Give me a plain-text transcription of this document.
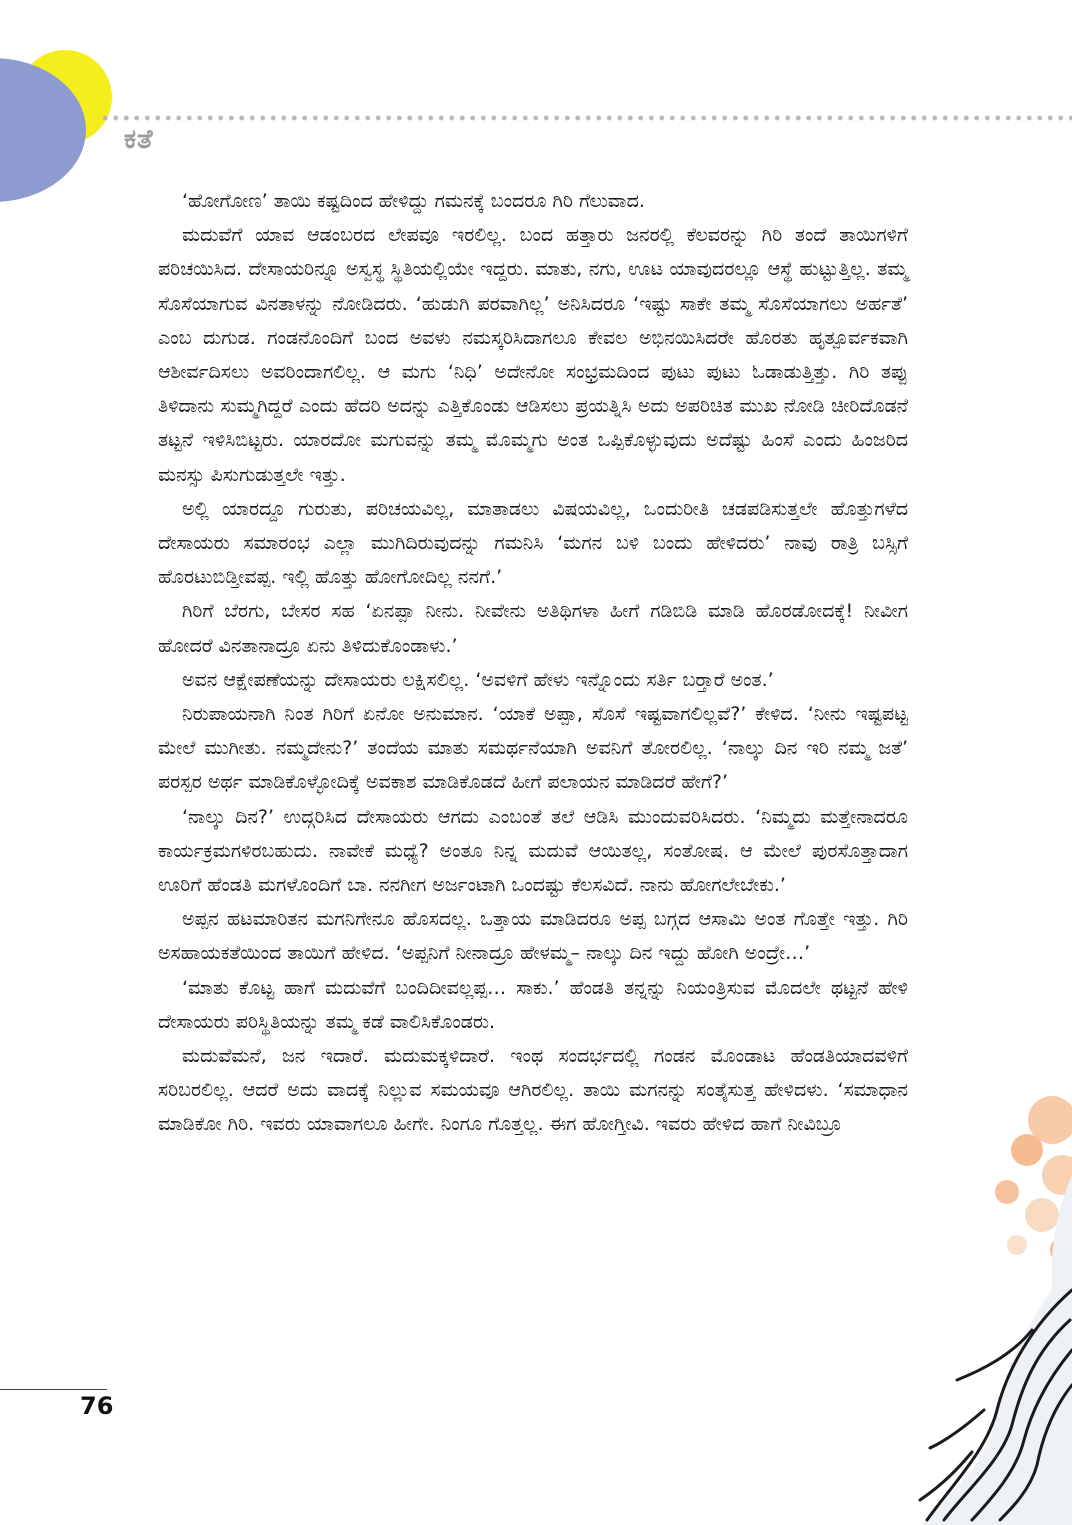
ಕತೆ

‘ಹೋಗೋಣ’ ತಾಯಿ ಕಷ್ಟದಿಂದ ಹೇಳಿದ್ದು ಗಮನಕ್ಕೆ ಬಂದರೂ ಗಿರಿ ಗೆಲುವಾದ.

ಮದುವೆಗೆ ಯಾವ ಆಡಂಬರದ ಲೇಪವೂ ಇರಲಿಲ್ಲ. ಬಂದ ಹತ್ತಾರು ಜನರಲ್ಲಿ ಕೆಲವರನ್ನು ಗಿರಿ ತಂದೆ ತಾಯಿಗಳಿಗೆ ಪರಿಚಯಿಸಿದ. ದೇಸಾಯರಿನ್ನೂ ಅಸ್ವಸ್ಥ ಸ್ಥಿತಿಯಲ್ಲಿಯೇ ಇದ್ದರು. ಮಾತು, ನಗು, ಊಟ ಯಾವುದರಲ್ಲೂ ಆಸ್ಥೆ ಹುಟ್ಟುತ್ತಿಲ್ಲ. ತಮ್ಮ ಸೊಸೆಯಾಗುವ ವಿನತಾಳನ್ನು ನೋಡಿದರು. ‘ಹುಡುಗಿ ಪರವಾಗಿಲ್ಲ’ ಅನಿಸಿದರೂ ‘ಇಷ್ಟು ಸಾಕೇ ತಮ್ಮ ಸೊಸೆಯಾಗಲು ಅರ್ಹತೆ’ ಎಂಬ ದುಗುಡ. ಗಂಡನೊಂದಿಗೆ ಬಂದ ಅವಳು ನಮಸ್ಕರಿಸಿದಾಗಲೂ ಕೇವಲ ಅಭಿನಯಿಸಿದರೇ ಹೊರತು ಹೃತ್ಪೂರ್ವಕವಾಗಿ ಆಶೀರ್ವದಿಸಲು ಅವರಿಂದಾಗಲಿಲ್ಲ. ಆ ಮಗು ‘ನಿಧಿ’ ಅದೇನೋ ಸಂಭ್ರಮದಿಂದ ಪುಟು ಪುಟು ಓಡಾಡುತ್ತಿತ್ತು. ಗಿರಿ ತಪ್ಪು ತಿಳಿದಾನು ಸುಮ್ಮಗಿದ್ದರೆ ಎಂದು ಹೆದರಿ ಅದನ್ನು ಎತ್ತಿಕೊಂಡು ಆಡಿಸಲು ಪ್ರಯತ್ನಿಸಿ ಅದು ಅಪರಿಚಿತ ಮುಖ ನೋಡಿ ಚೀರಿದೊಡನೆ ತಟ್ಟನೆ ಇಳಿಸಿಬಿಟ್ಟರು. ಯಾರದೋ ಮಗುವನ್ನು ತಮ್ಮ ಮೊಮ್ಮಗು ಅಂತ ಒಪ್ಪಿಕೊಳ್ಳುವುದು ಅದೆಷ್ಟು ಹಿಂಸೆ ಎಂದು ಹಿಂಜರಿದ ಮನಸ್ಸು ಪಿಸುಗುಡುತ್ತಲೇ ಇತ್ತು.

ಅಲ್ಲಿ ಯಾರದ್ದೂ ಗುರುತು, ಪರಿಚಯವಿಲ್ಲ, ಮಾತಾಡಲು ವಿಷಯವಿಲ್ಲ, ಒಂದುರೀತಿ ಚಡಪಡಿಸುತ್ತಲೇ ಹೊತ್ತುಗಳೆದ ದೇಸಾಯರು ಸಮಾರಂಭ ಎಲ್ಲಾ ಮುಗಿದಿರುವುದನ್ನು ಗಮನಿಸಿ ‘ಮಗನ ಬಳಿ ಬಂದು ಹೇಳಿದರು’ ನಾವು ರಾತ್ರಿ ಬಸ್ಸಿಗೆ ಹೊರಟುಬಿಡ್ತೀವಪ್ಪ. ಇಲ್ಲಿ ಹೊತ್ತು ಹೋಗೋದಿಲ್ಲ ನನಗೆ.’

ಗಿರಿಗೆ ಬೆರಗು, ಬೇಸರ ಸಹ ‘ಏನಪ್ಪಾ ನೀನು. ನೀವೇನು ಅತಿಥಿಗಳಾ ಹೀಗೆ ಗಡಿಬಿಡಿ ಮಾಡಿ ಹೊರಡೋದಕ್ಕೆ! ನೀವೀಗ ಹೋದರೆ ವಿನತಾನಾದ್ರೂ ಏನು ತಿಳಿದುಕೊಂಡಾಳು.’

ಅವನ ಆಕ್ಷೇಪಣೆಯನ್ನು ದೇಸಾಯರು ಲಕ್ಷಿಸಲಿಲ್ಲ. ‘ಅವಳಿಗೆ ಹೇಳು ಇನ್ನೊಂದು ಸರ್ತಿ ಬರ್‍ತಾರೆ ಅಂತ.’

ನಿರುಪಾಯನಾಗಿ ನಿಂತ ಗಿರಿಗೆ ಏನೋ ಅನುಮಾನ. ‘ಯಾಕೆ ಅಪ್ಪಾ, ಸೊಸೆ ಇಷ್ಟವಾಗಲಿಲ್ಲವೆ?’ ಕೇಳಿದ. ‘ನೀನು ಇಷ್ಟಪಟ್ಟ ಮೇಲೆ ಮುಗೀತು. ನಮ್ಮದೇನು?’ ತಂದೆಯ ಮಾತು ಸಮರ್ಥನೆಯಾಗಿ ಅವನಿಗೆ ತೋರಲಿಲ್ಲ. ‘ನಾಲ್ಕು ದಿನ ಇರಿ ನಮ್ಮ ಜತೆ’ ಪರಸ್ಪರ ಅರ್ಥ ಮಾಡಿಕೊಳ್ಳೋದಿಕ್ಕೆ ಅವಕಾಶ ಮಾಡಿಕೊಡದೆ ಹೀಗೆ ಪಲಾಯನ ಮಾಡಿದರೆ ಹೇಗೆ?’

‘ನಾಲ್ಕು ದಿನ?’ ಉದ್ಗರಿಸಿದ ದೇಸಾಯರು ಆಗದು ಎಂಬಂತೆ ತಲೆ ಆಡಿಸಿ ಮುಂದುವರಿಸಿದರು. ‘ನಿಮ್ಮದು ಮತ್ತೇನಾದರೂ ಕಾರ್ಯಕ್ರಮಗಳಿರಬಹುದು. ನಾವೇಕೆ ಮಧ್ಯೆ? ಅಂತೂ ನಿನ್ನ ಮದುವೆ ಆಯಿತಲ್ಲ, ಸಂತೋಷ. ಆ ಮೇಲೆ ಪುರಸೊತ್ತಾದಾಗ ಊರಿಗೆ ಹೆಂಡತಿ ಮಗಳೊಂದಿಗೆ ಬಾ. ನನಗೀಗ ಅರ್ಜಂಟಾಗಿ ಒಂದಷ್ಟು ಕೆಲಸವಿದೆ. ನಾನು ಹೋಗಲೇಬೇಕು.’

ಅಪ್ಪನ ಹಟಮಾರಿತನ ಮಗನಿಗೇನೂ ಹೊಸದಲ್ಲ. ಒತ್ತಾಯ ಮಾಡಿದರೂ ಅಪ್ಪ ಬಗ್ಗದ ಆಸಾಮಿ ಅಂತ ಗೊತ್ತೇ ಇತ್ತು. ಗಿರಿ ಅಸಹಾಯಕತೆಯಿಂದ ತಾಯಿಗೆ ಹೇಳಿದ. ‘ಅಪ್ಪನಿಗೆ ನೀನಾದ್ರೂ ಹೇಳಮ್ಮ– ನಾಲ್ಕು ದಿನ ಇದ್ದು ಹೋಗಿ ಅಂದ್ರೇ…’

‘ಮಾತು ಕೊಟ್ಟ ಹಾಗೆ ಮದುವೆಗೆ ಬಂದಿದೀವಲ್ಲಪ್ಪ… ಸಾಕು.’ ಹೆಂಡತಿ ತನ್ನನ್ನು ನಿಯಂತ್ರಿಸುವ ಮೊದಲೇ ಥಟ್ಟನೆ ಹೇಳಿ ದೇಸಾಯರು ಪರಿಸ್ಥಿತಿಯನ್ನು ತಮ್ಮ ಕಡೆ ವಾಲಿಸಿಕೊಂಡರು.

ಮದುವೆಮನೆ, ಜನ ಇದಾರೆ. ಮದುಮಕ್ಕಳಿದಾರೆ. ಇಂಥ ಸಂದರ್ಭದಲ್ಲಿ ಗಂಡನ ಮೊಂಡಾಟ ಹೆಂಡತಿಯಾದವಳಿಗೆ ಸರಿಬರಲಿಲ್ಲ. ಆದರೆ ಅದು ವಾದಕ್ಕೆ ನಿಲ್ಲುವ ಸಮಯವೂ ಆಗಿರಲಿಲ್ಲ. ತಾಯಿ ಮಗನನ್ನು ಸಂತೈಸುತ್ತ ಹೇಳಿದಳು. ‘ಸಮಾಧಾನ ಮಾಡಿಕೋ ಗಿರಿ. ಇವರು ಯಾವಾಗಲೂ ಹೀಗೇ. ನಿಂಗೂ ಗೊತ್ತಲ್ಲ. ಈಗ ಹೋಗ್ತೀವಿ. ಇವರು ಹೇಳಿದ ಹಾಗೆ ನೀವಿಬ್ರೂ

76
